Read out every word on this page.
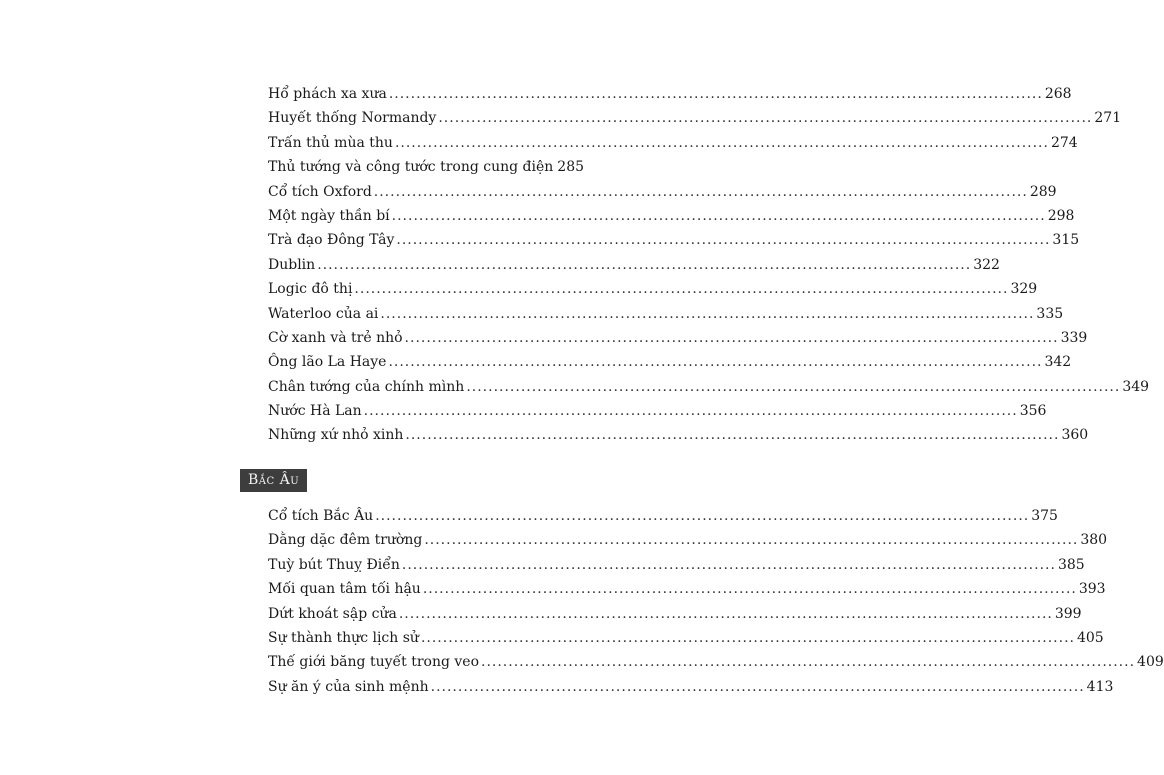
Hổ phách xa xưa .....	268
Huyết thống Normandy .....	271
Trấn thủ mùa thu .....	274
Thủ tướng và công tước trong cung điện 285
Cổ tích Oxford .....	289
Một ngày thần bí .....	298
Trà đạo Đông Tây .....	315
Dublin .....	322
Logic đô thị .....	329
Waterloo của ai .....	335
Cờ xanh và trẻ nhỏ .....	339
Ông lão La Haye .....	342
Chân tướng của chính mình .....	349
Nước Hà Lan .....	356
Những xứ nhỏ xinh .....	360
Bắc Âu
Cổ tích Bắc Âu .....	375
Dằng dặc đêm trường .....	380
Tuỳ bút Thuỵ Điển .....	385
Mối quan tâm tối hậu .....	393
Dứt khoát sập cửa .....	399
Sự thành thực lịch sử .....	405
Thế giới băng tuyết trong veo .....	409
Sự ăn ý của sinh mệnh .....	413
